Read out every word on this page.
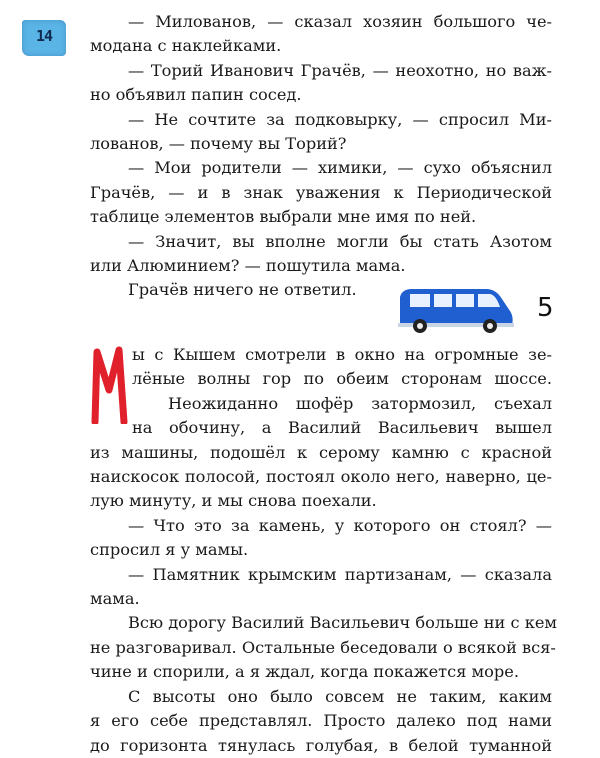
14
— Милованов, — сказал хозяин большого че-
модана с наклейками.
— Торий Иванович Грачёв, — неохотно, но важ-
но объявил папин сосед.
— Не сочтите за подковырку, — спросил Ми-
лованов, — почему вы Торий?
— Мои родители — химики, — сухо объяснил
Грачёв, — и в знак уважения к Периодической
таблице элементов выбрали мне имя по ней.
— Значит, вы вполне могли бы стать Азотом
или Алюминием? — пошутила мама.
Грачёв ничего не ответил.
5
ы с Кышем смотрели в окно на огромные зе-
лёные волны гор по обеим сторонам шоссе.
Неожиданно шофёр затормозил, съехал
на обочину, а Василий Васильевич вышел
из машины, подошёл к серому камню с красной
наискосок полосой, постоял около него, наверно, це-
лую минуту, и мы снова поехали.
— Что это за камень, у которого он стоял? —
спросил я у мамы.
— Памятник крымским партизанам, — сказала
мама.
Всю дорогу Василий Васильевич больше ни с кем
не разговаривал. Остальные беседовали о всякой вся-
чине и спорили, а я ждал, когда покажется море.
С высоты оно было совсем не таким, каким
я его себе представлял. Просто далеко под нами
до горизонта тянулась голубая, в белой туманной
